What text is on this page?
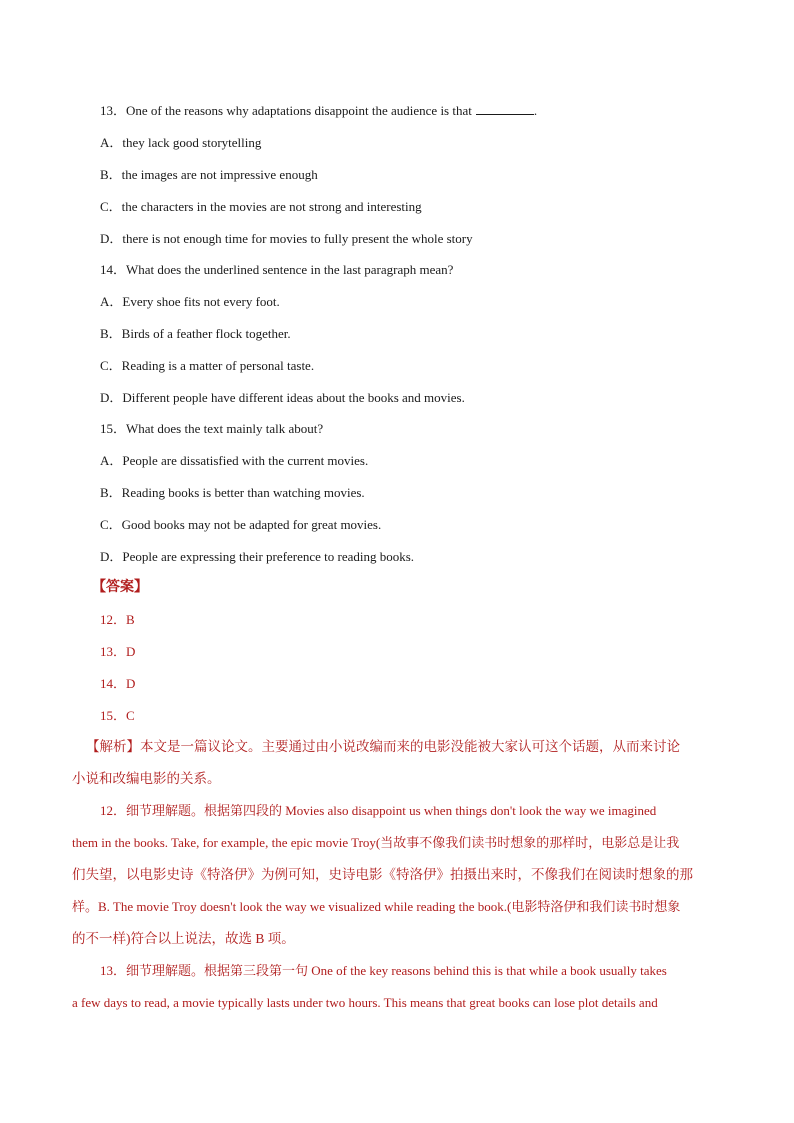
13．One of the reasons why adaptations disappoint the audience is that	.
A．they lack good storytelling
B．the images are not impressive enough
C．the characters in the movies are not strong and interesting
D．there is not enough time for movies to fully present the whole story
14．What does the underlined sentence in the last paragraph mean?
A．Every shoe fits not every foot.
B．Birds of a feather flock together.
C．Reading is a matter of personal taste.
D．Different people have different ideas about the books and movies.
15．What does the text mainly talk about?
A．People are dissatisfied with the current movies.
B．Reading books is better than watching movies.
C．Good books may not be adapted for great movies.
D．People are expressing their preference to reading books.
【答案】
12．B
13．D
14．D
15．C
【解析】本文是一篇议论文。主要通过由小说改编而来的电影没能被大家认可这个话题，从而来讨论
小说和改编电影的关系。
12．细节理解题。根据第四段的 Movies also disappoint us when things don't look the way we imagined
them in the books. Take, for example, the epic movie Troy(当故事不像我们读书时想象的那样时，电影总是让我
们失望，以电影史诗《特洛伊》为例可知，史诗电影《特洛伊》拍摄出来时，不像我们在阅读时想象的那
样。B. The movie Troy doesn't look the way we visualized while reading the book.(电影特洛伊和我们读书时想象
的不一样)符合以上说法，故选 B 项。
13．细节理解题。根据第三段第一句 One of the key reasons behind this is that while a book usually takes
a few days to read, a movie typically lasts under two hours. This means that great books can lose plot details and
